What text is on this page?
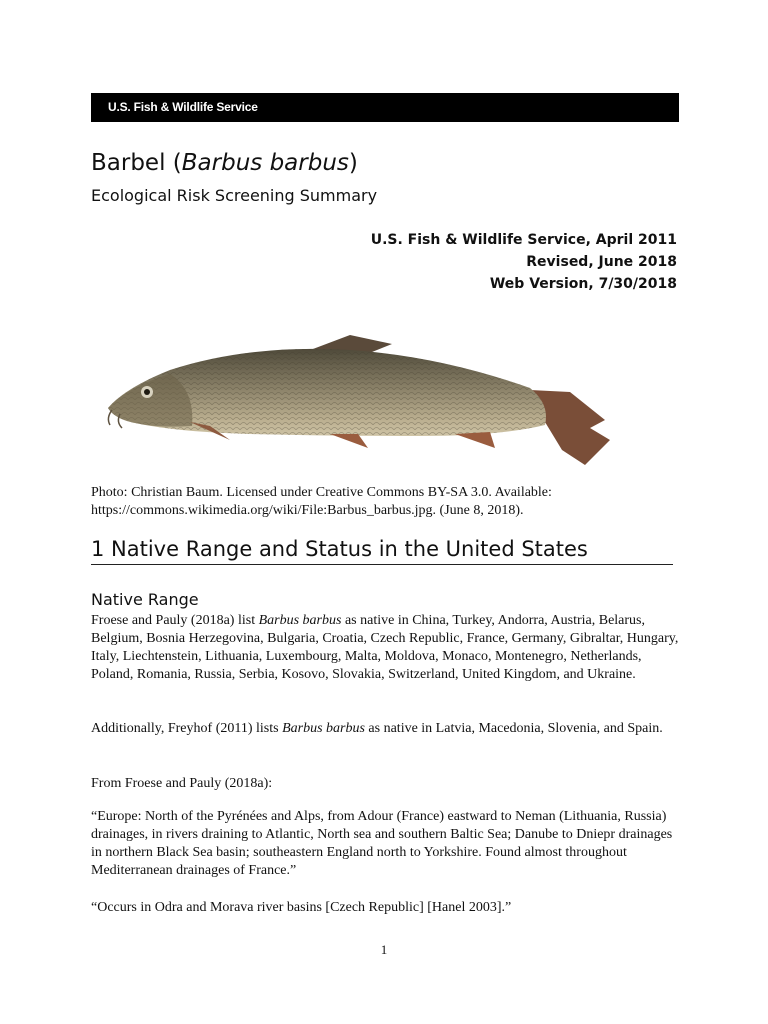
U.S. Fish & Wildlife Service
Barbel (Barbus barbus)
Ecological Risk Screening Summary
U.S. Fish & Wildlife Service, April 2011
Revised, June 2018
Web Version, 7/30/2018
Photo: Christian Baum. Licensed under Creative Commons BY-SA 3.0. Available:
https://commons.wikimedia.org/wiki/File:Barbus_barbus.jpg. (June 8, 2018).
1 Native Range and Status in the United States
Native Range

Froese and Pauly (2018a) list Barbus barbus as native in China, Turkey, Andorra, Austria, Belarus, Belgium, Bosnia Herzegovina, Bulgaria, Croatia, Czech Republic, France, Germany, Gibraltar, Hungary, Italy, Liechtenstein, Lithuania, Luxembourg, Malta, Moldova, Monaco, Montenegro, Netherlands, Poland, Romania, Russia, Serbia, Kosovo, Slovakia, Switzerland, United Kingdom, and Ukraine.

Additionally, Freyhof (2011) lists Barbus barbus as native in Latvia, Macedonia, Slovenia, and Spain.

From Froese and Pauly (2018a):

“Europe: North of the Pyrénées and Alps, from Adour (France) eastward to Neman (Lithuania, Russia) drainages, in rivers draining to Atlantic, North sea and southern Baltic Sea; Danube to Dniepr drainages in northern Black Sea basin; southeastern England north to Yorkshire. Found almost throughout Mediterranean drainages of France.”

“Occurs in Odra and Morava river basins [Czech Republic] [Hanel 2003].”

1
